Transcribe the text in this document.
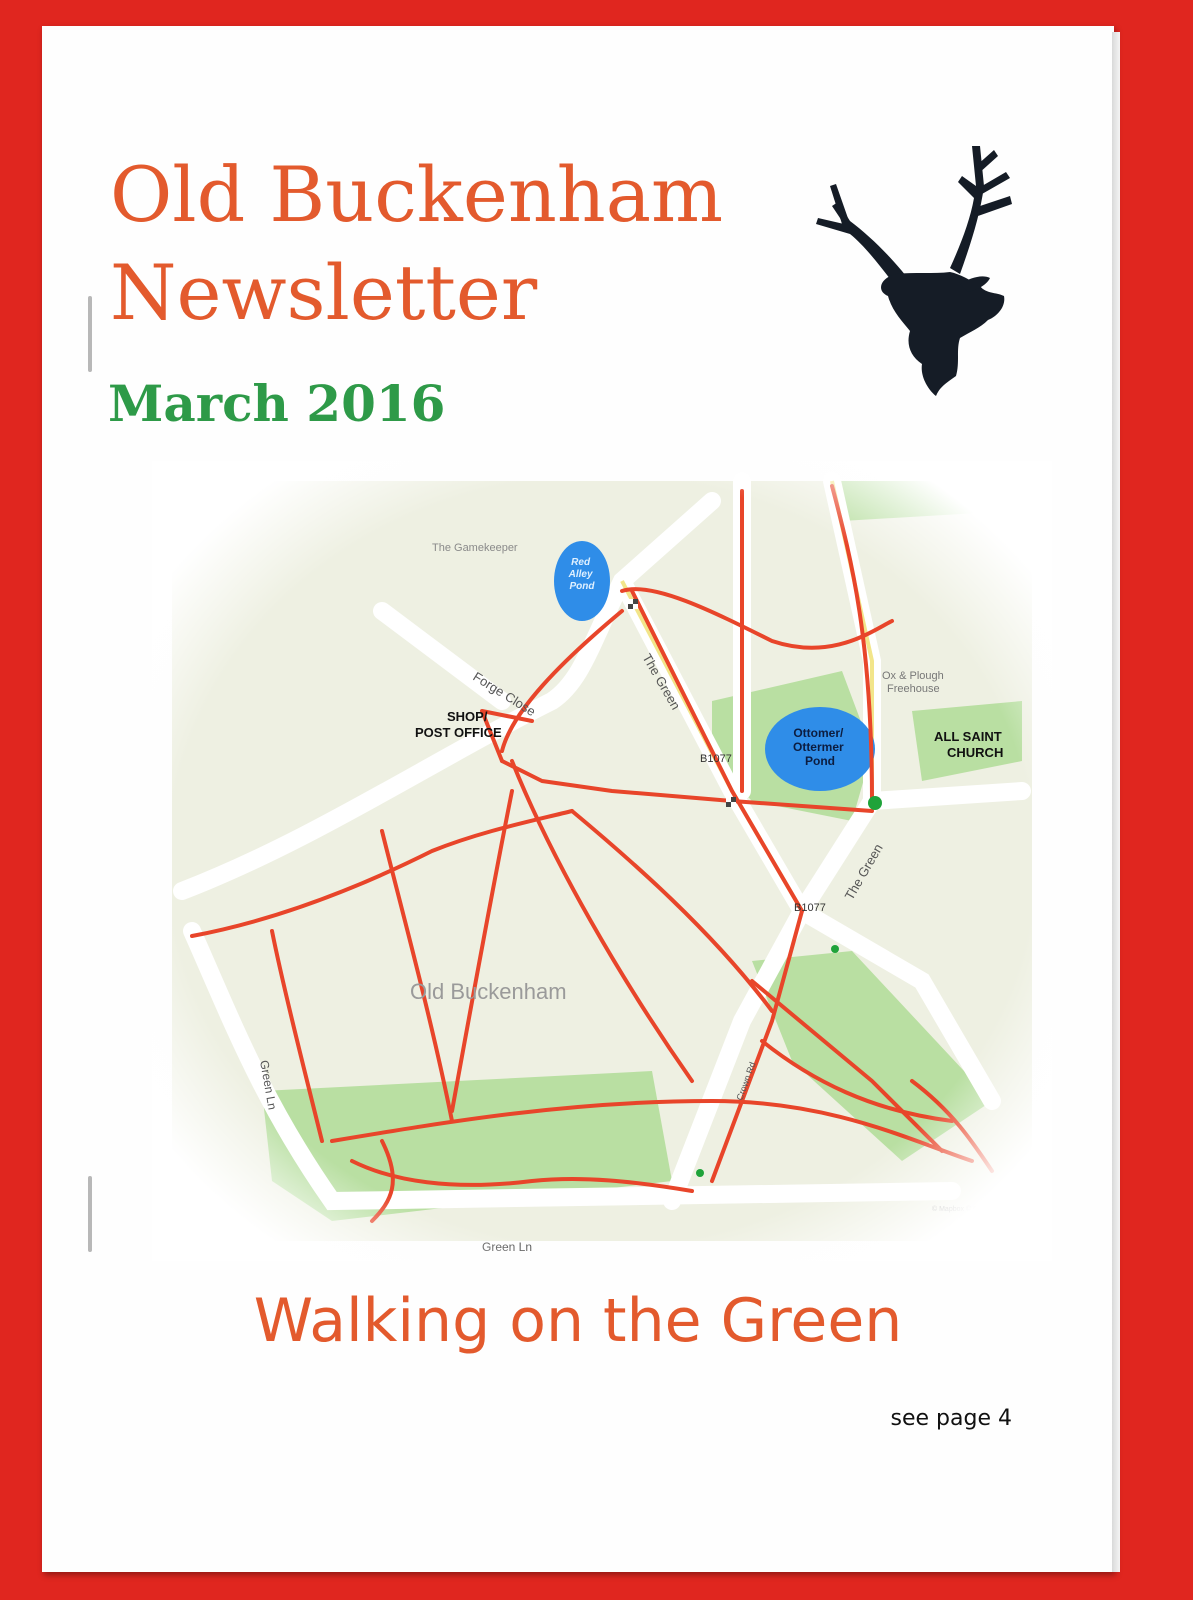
Old Buckenham
Newsletter
March 2016
Walking on the Green
see page 4
